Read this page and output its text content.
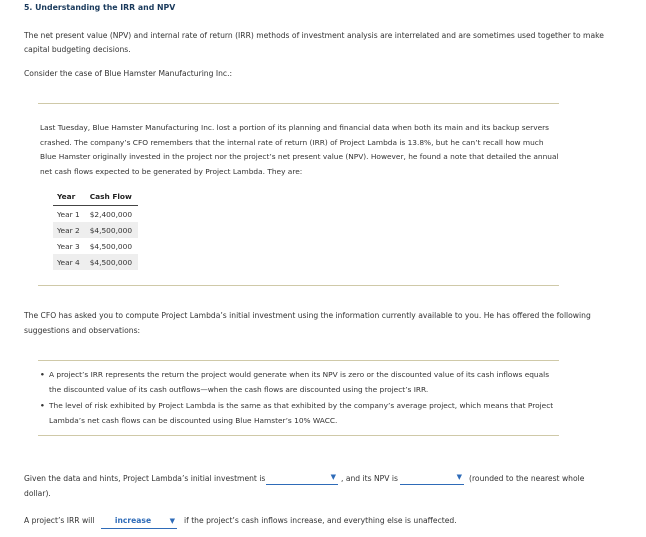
5. Understanding the IRR and NPV
The net present value (NPV) and internal rate of return (IRR) methods of investment analysis are interrelated and are sometimes used together to make capital budgeting decisions.
Consider the case of Blue Hamster Manufacturing Inc.:
Last Tuesday, Blue Hamster Manufacturing Inc. lost a portion of its planning and financial data when both its main and its backup servers crashed. The company’s CFO remembers that the internal rate of return (IRR) of Project Lambda is 13.8%, but he can’t recall how much Blue Hamster originally invested in the project nor the project’s net present value (NPV). However, he found a note that detailed the annual net cash flows expected to be generated by Project Lambda. They are:
Year	Cash Flow
Year 1	$2,400,000
Year 2	$4,500,000
Year 3	$4,500,000
Year 4	$4,500,000
The CFO has asked you to compute Project Lambda’s initial investment using the information currently available to you. He has offered the following suggestions and observations:
• A project’s IRR represents the return the project would generate when its NPV is zero or the discounted value of its cash inflows equals the discounted value of its cash outflows—when the cash flows are discounted using the project’s IRR.
• The level of risk exhibited by Project Lambda is the same as that exhibited by the company’s average project, which means that Project Lambda’s net cash flows can be discounted using Blue Hamster’s 10% WACC.
Given the data and hints, Project Lambda’s initial investment is	▼ , and its NPV is	▼ (rounded to the nearest whole
dollar).
A project’s IRR will	increase	▼ if the project’s cash inflows increase, and everything else is unaffected.
